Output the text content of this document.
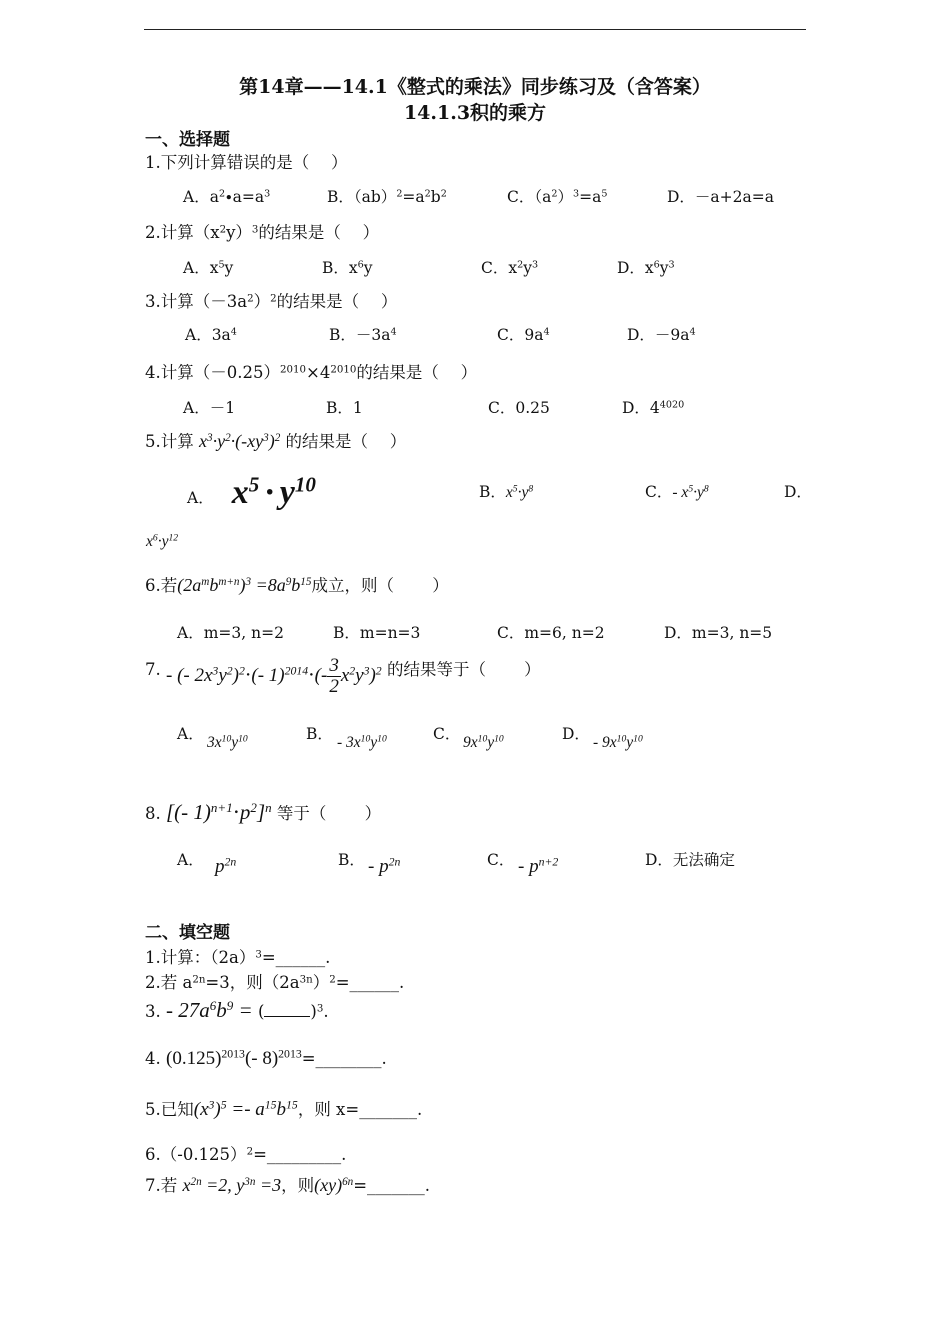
第14章——14.1《整式的乘法》同步练习及（含答案）
14.1.3积的乘方
一、选择题
1.下列计算错误的是（　 ）
A．$a^2\cdot a=a^3$	B．$(ab)^2=a^2b^2$	C．$(a^2)^3=a^5$	D．－a+2a=a
2.计算$(x^2y)^3$的结果是（　 ）
A．$x^5y$	B．$x^6y$	C．$x^2y^3$	D．$x^6y^3$
3.计算$(-3a^2)^2$的结果是（　 ）
A．$3a^4$	B．$-3a^4$	C．$9a^4$	D．$-9a^4$
4.计算$(-0.25)^{2010}\times 4^{2010}$的结果是（　 ）
A．－1	B．1	C．0.25	D．$4^{4020}$
5.计算 $x^3\cdot y^2\cdot(-xy^3)^2$ 的结果是（　 ）
A． $x^5 \cdot y^{10}$	B．$x^5\cdot y^8$	C．- $x^5\cdot y^8$	D．
$x^6\cdot y^{12}$
6.若$(2a^mb^{m+n})^3 =8a^9b^{15}$成立，则（　　 ）
A．m=3, n=2	B．m=n=3	C．m=6, n=2	D．m=3, n=5
7. - (- $2x^3y^2)^2\cdot(-$ $1)^{2014}\cdot(- \frac{3}{2} x^2y^3)^2$ 的结果等于（　　 ）
A． $3x^{10}y^{10}$	B． - $3x^{10}y^{10}$	C． $9x^{10}y^{10}$	D． - $9x^{10}y^{10}$
8. [(- $1)^{n+1}\cdot p^2]^n$ 等于（　　 ）
A． $p^{2n}$	B． - $p^{2n}$	C． - $p^{n+2}$	D．无法确定
二、填空题
1.计算：$(2a)^3=\_\_\_\_\_\_$.
2.若 $a^{2n}=3$，则$(2a^{3n})^2=\_\_\_\_\_\_$.
3. - $27a^6b^9$ = (	)$^3$.
4. $(0.125)^{2013}(-$ 8)$^{2013}$=________.
5.已知$(x^3)^5 =- a^{15}b^{15}$，则 x=_______.
$6.(-0.125)^2=\_\_\_\_\_\_\_\_\_$.
7.若 $x^{2n} =2$, $y^{3n} =3$，则(xy)$^{6n}$=_______.
